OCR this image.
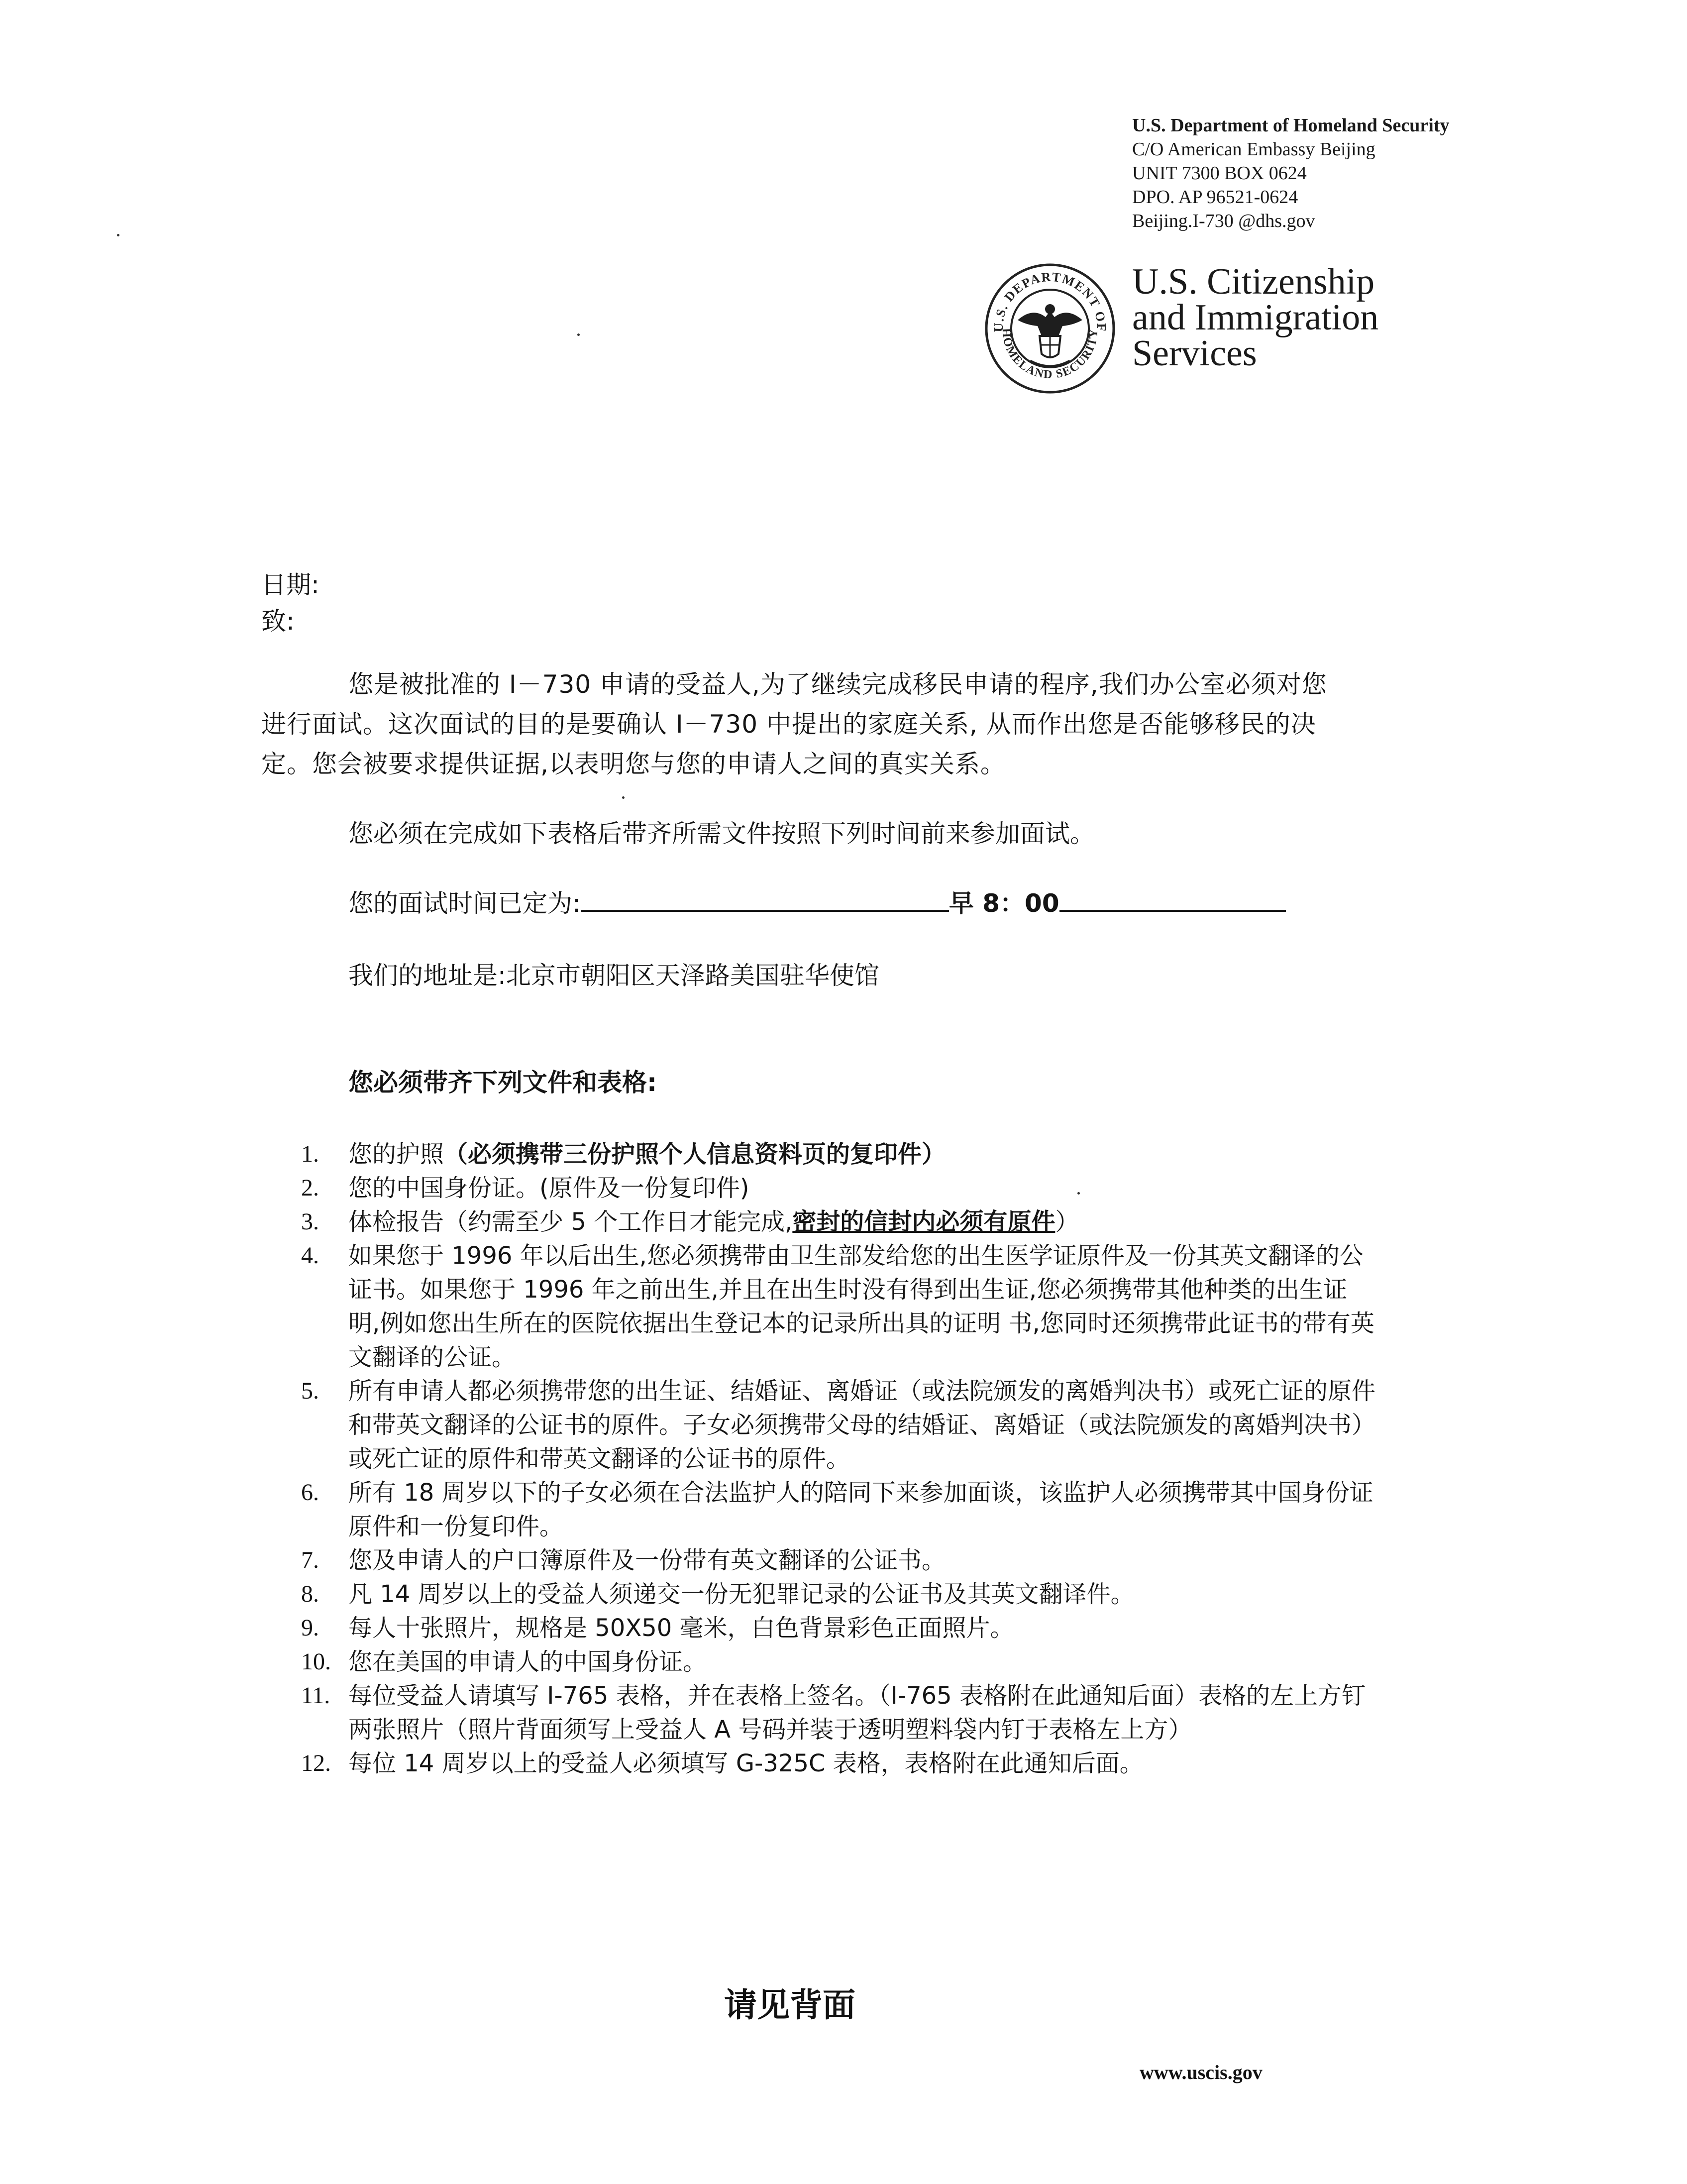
U.S. Department of Homeland Security
C/O American Embassy Beijing
UNIT 7300 BOX 0624
DPO. AP 96521-0624
Beijing.I-730 @dhs.gov
U.S. DEPARTMENT OF
HOMELAND SECURITY
U.S. Citizenship
and Immigration
Services
日期:
致:
您是被批准的 I－730 申请的受益人,为了继续完成移民申请的程序,我们办公室必须对您进行面试。这次面试的目的是要确认 I－730 中提出的家庭关系, 从而作出您是否能够移民的决定。您会被要求提供证据,以表明您与您的申请人之间的真实关系。
您必须在完成如下表格后带齐所需文件按照下列时间前来参加面试。
您的面试时间已定为:	早 8：00
我们的地址是:北京市朝阳区天泽路美国驻华使馆
您必须带齐下列文件和表格:
1.	您的护照（必须携带三份护照个人信息资料页的复印件）
2.	您的中国身份证。(原件及一份复印件)
3.	体检报告（约需至少 5 个工作日才能完成,密封的信封内必须有原件）
4.	如果您于 1996 年以后出生,您必须携带由卫生部发给您的出生医学证原件及一份其英文翻译的公证书。如果您于 1996 年之前出生,并且在出生时没有得到出生证,您必须携带其他种类的出生证明,例如您出生所在的医院依据出生登记本的记录所出具的证明 书,您同时还须携带此证书的带有英文翻译的公证。
5.	所有申请人都必须携带您的出生证、结婚证、离婚证（或法院颁发的离婚判决书）或死亡证的原件和带英文翻译的公证书的原件。子女必须携带父母的结婚证、离婚证（或法院颁发的离婚判决书）或死亡证的原件和带英文翻译的公证书的原件。
6.	所有 18 周岁以下的子女必须在合法监护人的陪同下来参加面谈，该监护人必须携带其中国身份证原件和一份复印件。
7.	您及申请人的户口簿原件及一份带有英文翻译的公证书。
8.	凡 14 周岁以上的受益人须递交一份无犯罪记录的公证书及其英文翻译件。
9.	每人十张照片，规格是 50X50 毫米，白色背景彩色正面照片。
10. 您在美国的申请人的中国身份证。
11. 每位受益人请填写 I-765 表格，并在表格上签名。（I-765 表格附在此通知后面）表格的左上方钉两张照片（照片背面须写上受益人 A 号码并装于透明塑料袋内钉于表格左上方）
12. 每位 14 周岁以上的受益人必须填写 G-325C 表格，表格附在此通知后面。
请见背面
www.uscis.gov
